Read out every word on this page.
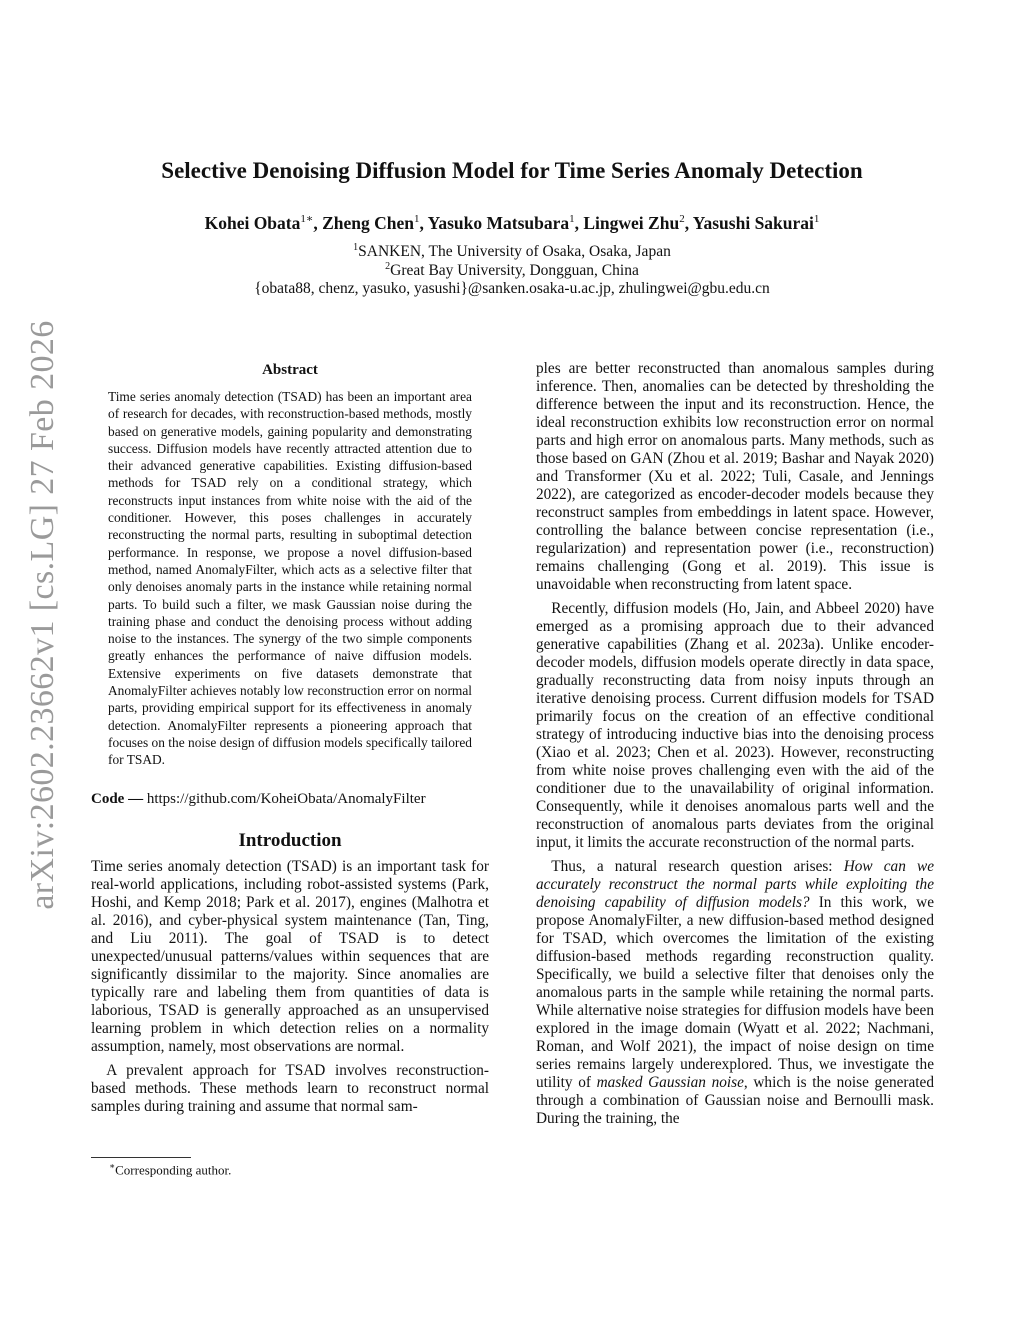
arXiv:2602.23662v1 [cs.LG] 27 Feb 2026
Selective Denoising Diffusion Model for Time Series Anomaly Detection
Kohei Obata$^{1∗}$, Zheng Chen$^1$, Yasuko Matsubara$^1$, Lingwei Zhu$^2$, Yasushi Sakurai$^1$
$^1$SANKEN, The University of Osaka, Osaka, Japan
$^2$Great Bay University, Dongguan, China
{obata88, chenz, yasuko, yasushi}@sanken.osaka-u.ac.jp, zhulingwei@gbu.edu.cn
Abstract

Time series anomaly detection (TSAD) has been an important area of research for decades, with reconstruction-based methods, mostly based on generative models, gaining popularity and demonstrating success. Diffusion models have recently attracted attention due to their advanced generative capabilities. Existing diffusion-based methods for TSAD rely on a conditional strategy, which reconstructs input instances from white noise with the aid of the conditioner. However, this poses challenges in accurately reconstructing the normal parts, resulting in suboptimal detection performance. In response, we propose a novel diffusion-based method, named AnomalyFilter, which acts as a selective filter that only denoises anomaly parts in the instance while retaining normal parts. To build such a filter, we mask Gaussian noise during the training phase and conduct the denoising process without adding noise to the instances. The synergy of the two simple components greatly enhances the performance of naive diffusion models. Extensive experiments on five datasets demonstrate that AnomalyFilter achieves notably low reconstruction error on normal parts, providing empirical support for its effectiveness in anomaly detection. AnomalyFilter represents a pioneering approach that focuses on the noise design of diffusion models specifically tailored for TSAD.

Code — https://github.com/KoheiObata/AnomalyFilter
Introduction

Time series anomaly detection (TSAD) is an important task for real-world applications, including robot-assisted systems (Park, Hoshi, and Kemp 2018; Park et al. 2017), engines (Malhotra et al. 2016), and cyber-physical system maintenance (Tan, Ting, and Liu 2011). The goal of TSAD is to detect unexpected/unusual patterns/values within sequences that are significantly dissimilar to the majority. Since anomalies are typically rare and labeling them from quantities of data is laborious, TSAD is generally approached as an unsupervised learning problem in which detection relies on a normality assumption, namely, most observations are normal.

A prevalent approach for TSAD involves reconstruction-based methods. These methods learn to reconstruct normal samples during training and assume that normal sam-

∗Corresponding author.

ples are better reconstructed than anomalous samples during inference. Then, anomalies can be detected by thresholding the difference between the input and its reconstruction. Hence, the ideal reconstruction exhibits low reconstruction error on normal parts and high error on anomalous parts. Many methods, such as those based on GAN (Zhou et al. 2019; Bashar and Nayak 2020) and Transformer (Xu et al. 2022; Tuli, Casale, and Jennings 2022), are categorized as encoder-decoder models because they reconstruct samples from embeddings in latent space. However, controlling the balance between concise representation (i.e., regularization) and representation power (i.e., reconstruction) remains challenging (Gong et al. 2019). This issue is unavoidable when reconstructing from latent space.

Recently, diffusion models (Ho, Jain, and Abbeel 2020) have emerged as a promising approach due to their advanced generative capabilities (Zhang et al. 2023a). Unlike encoder-decoder models, diffusion models operate directly in data space, gradually reconstructing data from noisy inputs through an iterative denoising process. Current diffusion models for TSAD primarily focus on the creation of an effective conditional strategy of introducing inductive bias into the denoising process (Xiao et al. 2023; Chen et al. 2023). However, reconstructing from white noise proves challenging even with the aid of the conditioner due to the unavailability of original information. Consequently, while it denoises anomalous parts well and the reconstruction of anomalous parts deviates from the original input, it limits the accurate reconstruction of the normal parts.

Thus, a natural research question arises: How can we accurately reconstruct the normal parts while exploiting the denoising capability of diffusion models? In this work, we propose AnomalyFilter, a new diffusion-based method designed for TSAD, which overcomes the limitation of the existing diffusion-based methods regarding reconstruction quality. Specifically, we build a selective filter that denoises only the anomalous parts in the sample while retaining the normal parts. While alternative noise strategies for diffusion models have been explored in the image domain (Wyatt et al. 2022; Nachmani, Roman, and Wolf 2021), the impact of noise design on time series remains largely underexplored. Thus, we investigate the utility of masked Gaussian noise, which is the noise generated through a combination of Gaussian noise and Bernoulli mask. During the training, the
